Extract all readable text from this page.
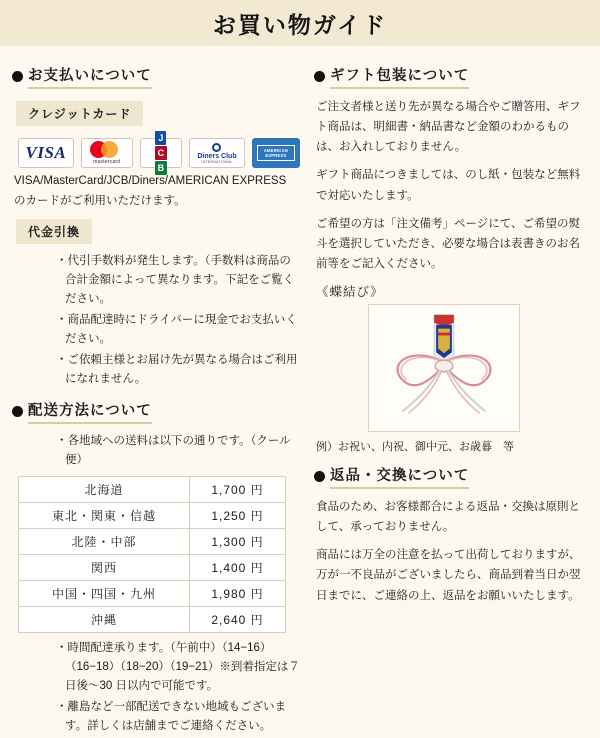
お買い物ガイド
お支払いについて
クレジットカード
VISA	mastercard
J
C
B
Diners Club
INTERNATIONAL
AMERICAN EXPRESS
VISA/MasterCard/JCB/Diners/AMERICAN EXPRESS のカードがご利用いただけます。
代金引換
・ 代引手数料が発生します。（手数料は商品の合計金額によって異なります。下記をご覧ください。
・ 商品配達時にドライバーに現金でお支払いください。
・ ご依頼主様とお届け先が異なる場合はご利用になれません。
配送方法について
・ 各地域への送料は以下の通りです。（クール便）
北海道	1,700 円
東北・関東・信越	1,250 円
北陸・中部	1,300 円
関西	1,400 円
中国・四国・九州	1,980 円
沖縄	2,640 円
・ 時間配達承ります。（午前中）（14−16）（16−18）（18−20）（19−21）※到着指定は７日後〜30 日以内で可能です。
・ 離島など一部配送できない地域もございます。詳しくは店舗までご連絡ください。
ギフト包装について
ご注文者様と送り先が異なる場合やご贈答用、ギフト商品は、明細書・納品書など金額のわかるものは、お入れしておりません。
ギフト商品につきましては、のし紙・包装など無料で対応いたします。
ご希望の方は「注文備考」ページにて、ご希望の熨斗を選択していただき、必要な場合は表書きのお名前等をご記入ください。
《蝶結び》
例）お祝い、内祝、御中元、お歳暮　等
返品・交換について
食品のため、お客様都合による返品・交換は原則として、承っておりません。
商品には万全の注意を払って出荷しておりますが、万が一不良品がございましたら、商品到着当日か翌日までに、ご連絡の上、返品をお願いいたします。
